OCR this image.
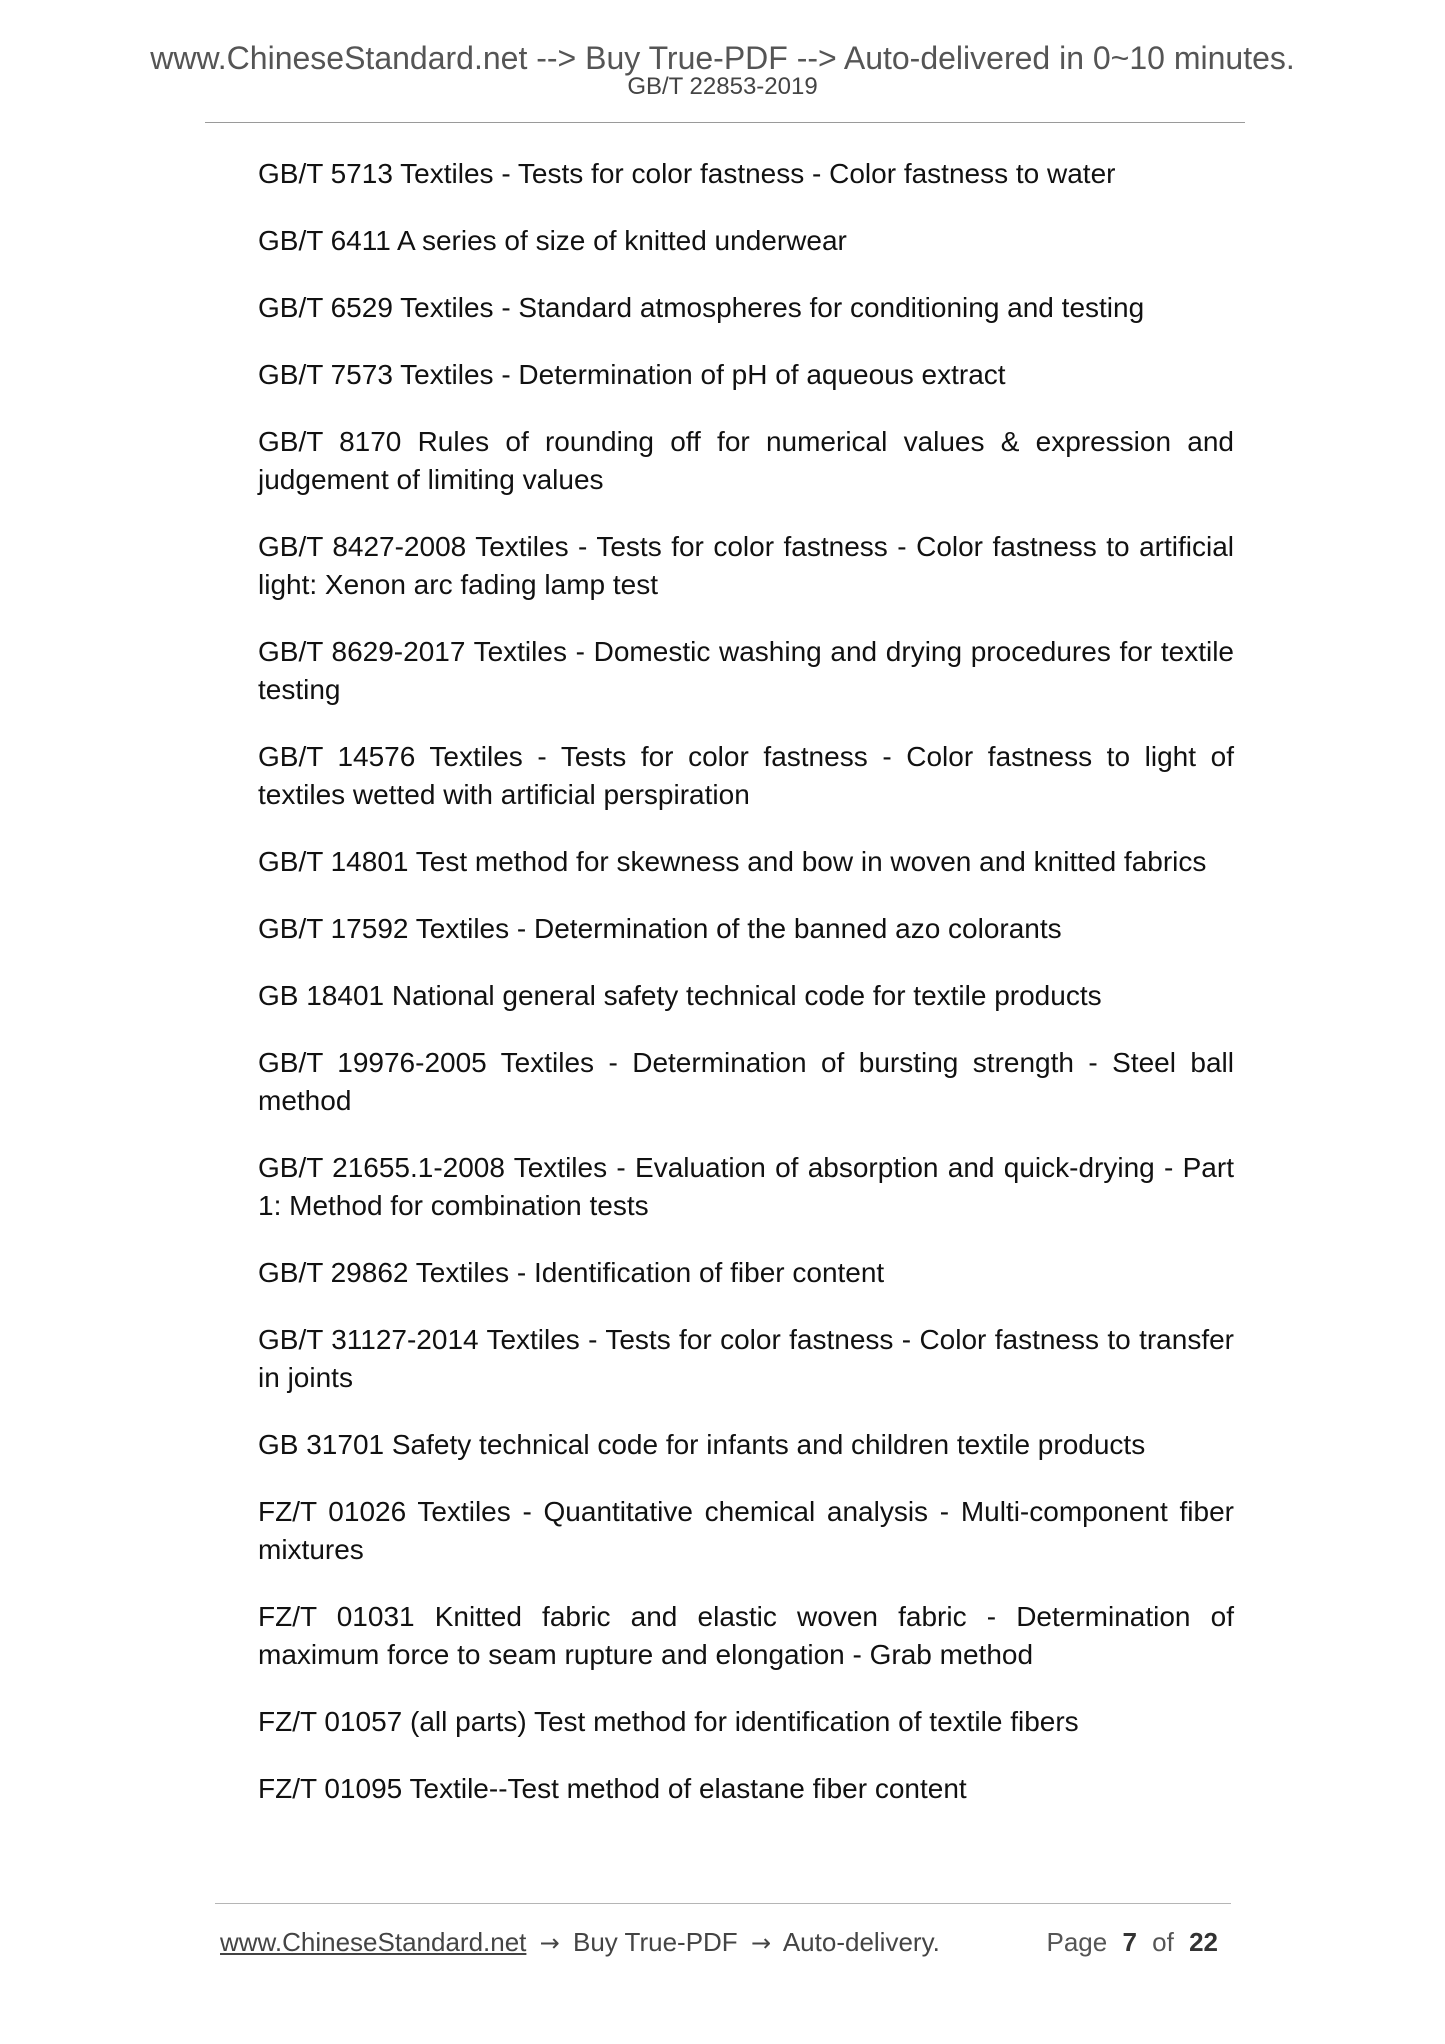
www.ChineseStandard.net --> Buy True-PDF --> Auto-delivered in 0~10 minutes.
GB/T 22853-2019
GB/T 5713 Textiles - Tests for color fastness - Color fastness to water
GB/T 6411 A series of size of knitted underwear
GB/T 6529 Textiles - Standard atmospheres for conditioning and testing
GB/T 7573 Textiles - Determination of pH of aqueous extract
GB/T 8170 Rules of rounding off for numerical values & expression and judgement of limiting values
GB/T 8427-2008 Textiles - Tests for color fastness - Color fastness to artificial light: Xenon arc fading lamp test
GB/T 8629-2017 Textiles - Domestic washing and drying procedures for textile testing
GB/T 14576 Textiles - Tests for color fastness - Color fastness to light of textiles wetted with artificial perspiration
GB/T 14801 Test method for skewness and bow in woven and knitted fabrics
GB/T 17592 Textiles - Determination of the banned azo colorants
GB 18401 National general safety technical code for textile products
GB/T 19976-2005 Textiles - Determination of bursting strength - Steel ball method
GB/T 21655.1-2008 Textiles - Evaluation of absorption and quick-drying - Part 1: Method for combination tests
GB/T 29862 Textiles - Identification of fiber content
GB/T 31127-2014 Textiles - Tests for color fastness - Color fastness to transfer in joints
GB 31701 Safety technical code for infants and children textile products
FZ/T 01026 Textiles - Quantitative chemical analysis - Multi-component fiber mixtures
FZ/T 01031 Knitted fabric and elastic woven fabric - Determination of maximum force to seam rupture and elongation - Grab method
FZ/T 01057 (all parts) Test method for identification of textile fibers
FZ/T 01095 Textile--Test method of elastane fiber content
www.ChineseStandard.net → Buy True-PDF → Auto-delivery.	Page 7 of 22
